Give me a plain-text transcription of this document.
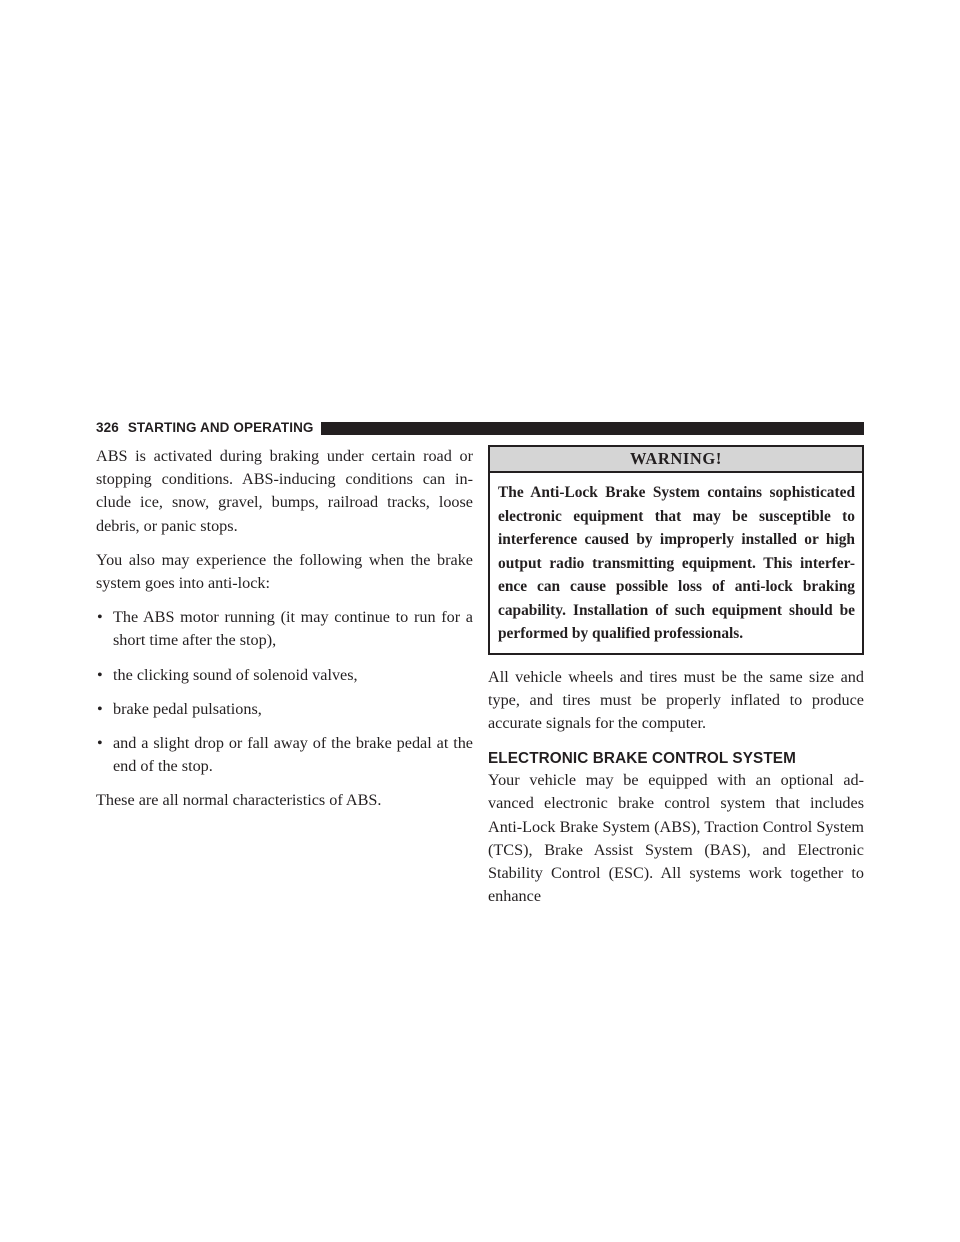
326 STARTING AND OPERATING

ABS is activated during braking under certain road or stopping conditions. ABS-inducing conditions can in-clude ice, snow, gravel, bumps, railroad tracks, loose debris, or panic stops.

You also may experience the following when the brake system goes into anti-lock:

• The ABS motor running (it may continue to run for a short time after the stop),
• the clicking sound of solenoid valves,
• brake pedal pulsations,
• and a slight drop or fall away of the brake pedal at the end of the stop.

These are all normal characteristics of ABS.

WARNING!
The Anti-Lock Brake System contains sophisticated electronic equipment that may be susceptible to interference caused by improperly installed or high output radio transmitting equipment. This interfer-ence can cause possible loss of anti-lock braking capability. Installation of such equipment should be performed by qualified professionals.

All vehicle wheels and tires must be the same size and type, and tires must be properly inflated to produce accurate signals for the computer.

ELECTRONIC BRAKE CONTROL SYSTEM

Your vehicle may be equipped with an optional ad-vanced electronic brake control system that includes Anti-Lock Brake System (ABS), Traction Control System (TCS), Brake Assist System (BAS), and Electronic Stability Control (ESC). All systems work together to enhance
